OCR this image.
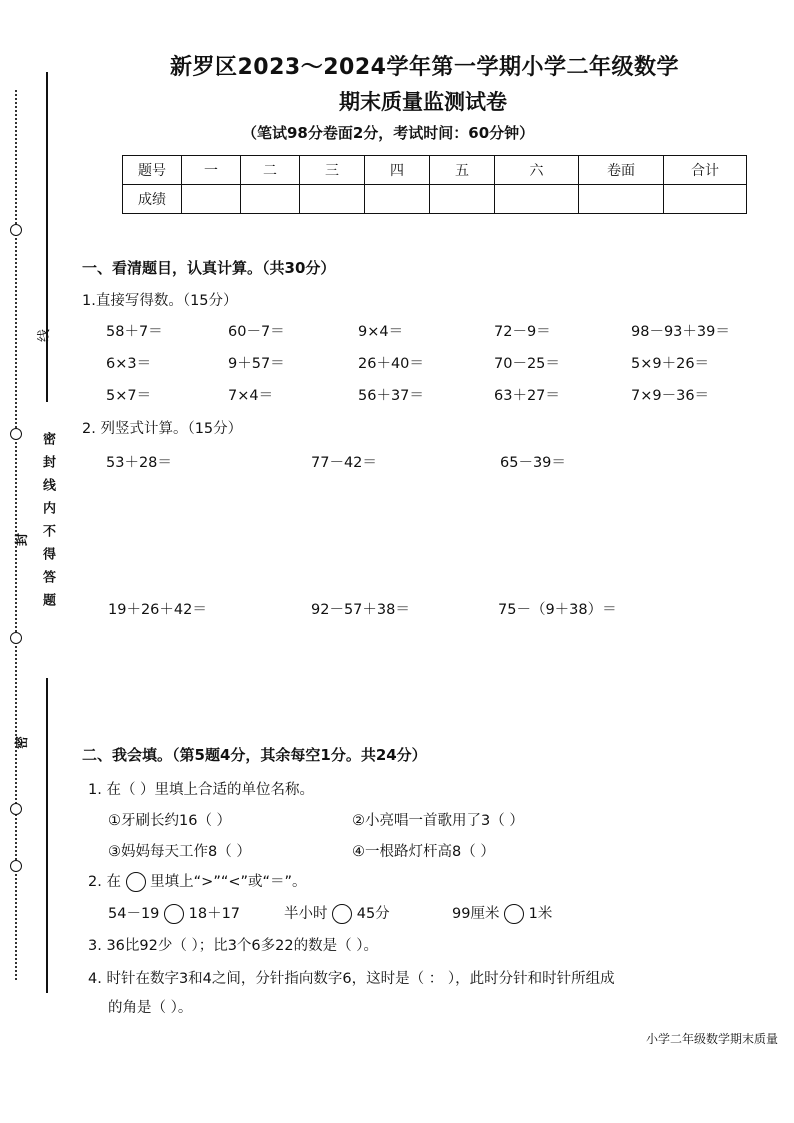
线
密封线内不得答题
封
密
新罗区2023～2024学年第一学期小学二年级数学
期末质量监测试卷
（笔试98分卷面2分，考试时间：60分钟）
题号	一	二	三	四	五	六	卷面	合计
成绩								
一、看清题目，认真计算。（共30分）
1.直接写得数。（15分）
58＋7＝	60－7＝	9×4＝	72－9＝	98－93＋39＝
6×3＝	9＋57＝	26＋40＝	70－25＝	5×9＋26＝
5×7＝	7×4＝	56＋37＝	63＋27＝	7×9－36＝
2. 列竖式计算。（15分）
53＋28＝	77－42＝	65－39＝
19＋26＋42＝	92－57＋38＝	75－（9＋38）＝
二、我会填。（第5题4分，其余每空1分。共24分）
1. 在（ ）里填上合适的单位名称。
①牙刷长约16（ ）	②小亮唱一首歌用了3（ ）
③妈妈每天工作8（ ）	④一根路灯杆高8（ ）
2. 在 里填上“>”“<”或“＝”。
54－19 18＋17	半小时 45分	99厘米 1米
3. 36比92少（ ）；比3个6多22的数是（ ）。
4. 时针在数字3和4之间，分针指向数字6，这时是（ ： ），此时分针和时针所组成
的角是（ ）。
小学二年级数学期末质量
